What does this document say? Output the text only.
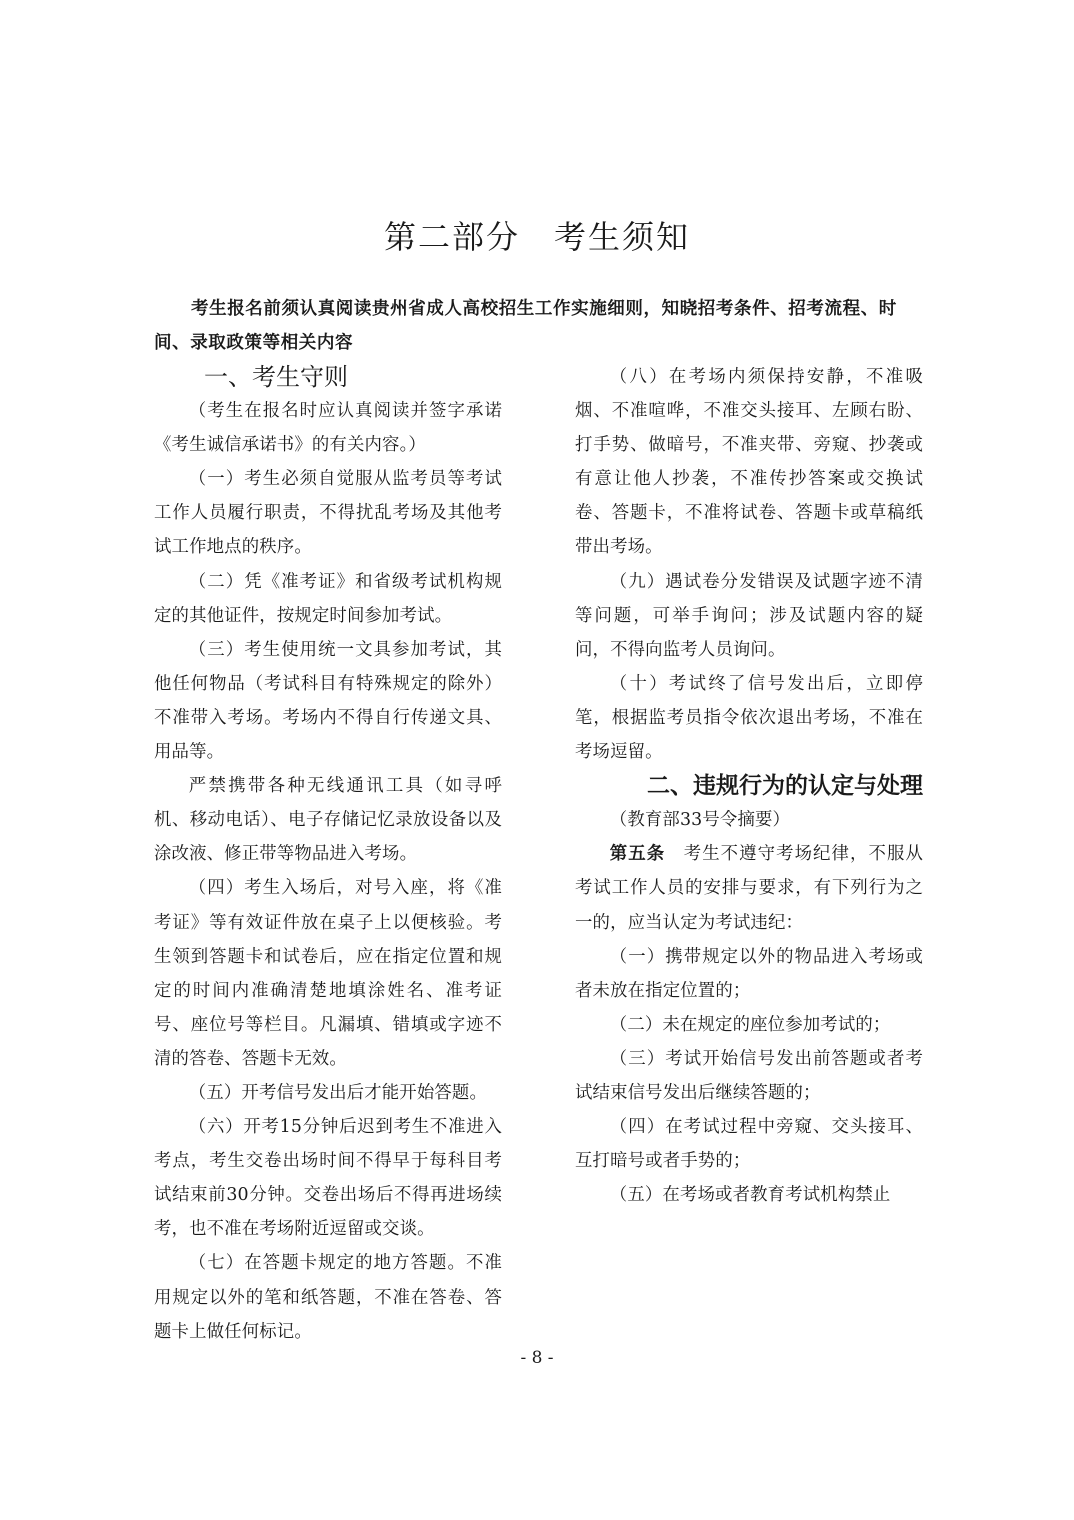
第二部分　考生须知

考生报名前须认真阅读贵州省成人高校招生工作实施细则，知晓招考条件、招考流程、时间、录取政策等相关内容

一、考生守则

（考生在报名时应认真阅读并签字承诺《考生诚信承诺书》的有关内容。）

（一）考生必须自觉服从监考员等考试工作人员履行职责，不得扰乱考场及其他考试工作地点的秩序。

（二）凭《准考证》和省级考试机构规定的其他证件，按规定时间参加考试。

（三）考生使用统一文具参加考试，其他任何物品（考试科目有特殊规定的除外）不准带入考场。考场内不得自行传递文具、用品等。

严禁携带各种无线通讯工具（如寻呼机、移动电话）、电子存储记忆录放设备以及涂改液、修正带等物品进入考场。

（四）考生入场后，对号入座，将《准考证》等有效证件放在桌子上以便核验。考生领到答题卡和试卷后，应在指定位置和规定的时间内准确清楚地填涂姓名、准考证号、座位号等栏目。凡漏填、错填或字迹不清的答卷、答题卡无效。

（五）开考信号发出后才能开始答题。

（六）开考15分钟后迟到考生不准进入考点，考生交卷出场时间不得早于每科目考试结束前30分钟。交卷出场后不得再进场续考，也不准在考场附近逗留或交谈。

（七）在答题卡规定的地方答题。不准用规定以外的笔和纸答题，不准在答卷、答题卡上做任何标记。

（八）在考场内须保持安静，不准吸烟、不准喧哗，不准交头接耳、左顾右盼、打手势、做暗号，不准夹带、旁窥、抄袭或有意让他人抄袭，不准传抄答案或交换试卷、答题卡，不准将试卷、答题卡或草稿纸带出考场。

（九）遇试卷分发错误及试题字迹不清等问题，可举手询问；涉及试题内容的疑问，不得向监考人员询问。

（十）考试终了信号发出后，立即停笔，根据监考员指令依次退出考场，不准在考场逗留。

二、违规行为的认定与处理

（教育部33号令摘要）

第五条　考生不遵守考场纪律，不服从考试工作人员的安排与要求，有下列行为之一的，应当认定为考试违纪：

（一）携带规定以外的物品进入考场或者未放在指定位置的；

（二）未在规定的座位参加考试的；

（三）考试开始信号发出前答题或者考试结束信号发出后继续答题的；

（四）在考试过程中旁窥、交头接耳、互打暗号或者手势的；

（五）在考场或者教育考试机构禁止

- 8 -
